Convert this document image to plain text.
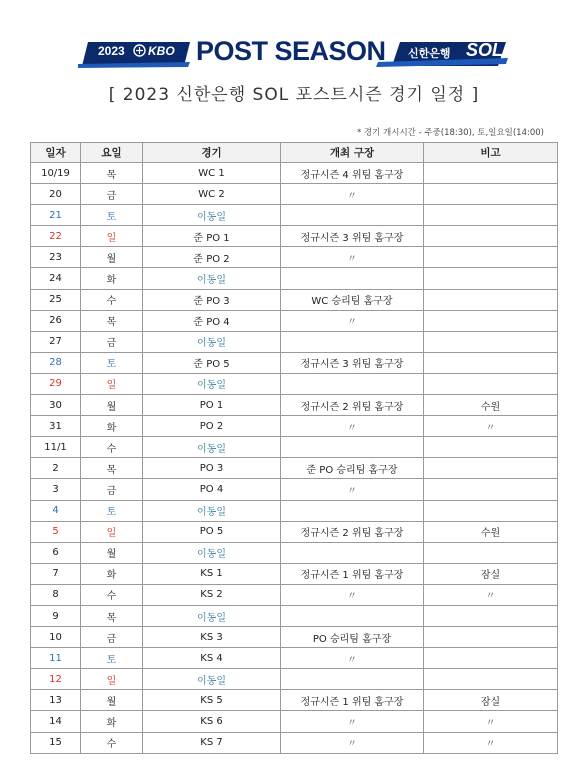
2023 KBO POST SEASON 신한은행 SOL
[ 2023 신한은행 SOL 포스트시즌 경기 일정 ]
* 경기 개시시간 - 주중(18:30), 토,일요일(14:00)
일자	요일	경기	개최 구장	비고
10/19	목	WC 1	정규시즌 4 위팀 홈구장	
20	금	WC 2	〃	
21	토	이동일		
22	일	준 PO 1	정규시즌 3 위팀 홈구장	
23	월	준 PO 2	〃	
24	화	이동일		
25	수	준 PO 3	WC 승리팀 홈구장	
26	목	준 PO 4	〃	
27	금	이동일		
28	토	준 PO 5	정규시즌 3 위팀 홈구장	
29	일	이동일		
30	월	PO 1	정규시즌 2 위팀 홈구장	수원
31	화	PO 2	〃	〃
11/1	수	이동일		
2	목	PO 3	준 PO 승리팀 홈구장	
3	금	PO 4	〃	
4	토	이동일		
5	일	PO 5	정규시즌 2 위팀 홈구장	수원
6	월	이동일		
7	화	KS 1	정규시즌 1 위팀 홈구장	잠실
8	수	KS 2	〃	〃
9	목	이동일		
10	금	KS 3	PO 승리팀 홈구장	
11	토	KS 4	〃	
12	일	이동일		
13	월	KS 5	정규시즌 1 위팀 홈구장	잠실
14	화	KS 6	〃	〃
15	수	KS 7	〃	〃
